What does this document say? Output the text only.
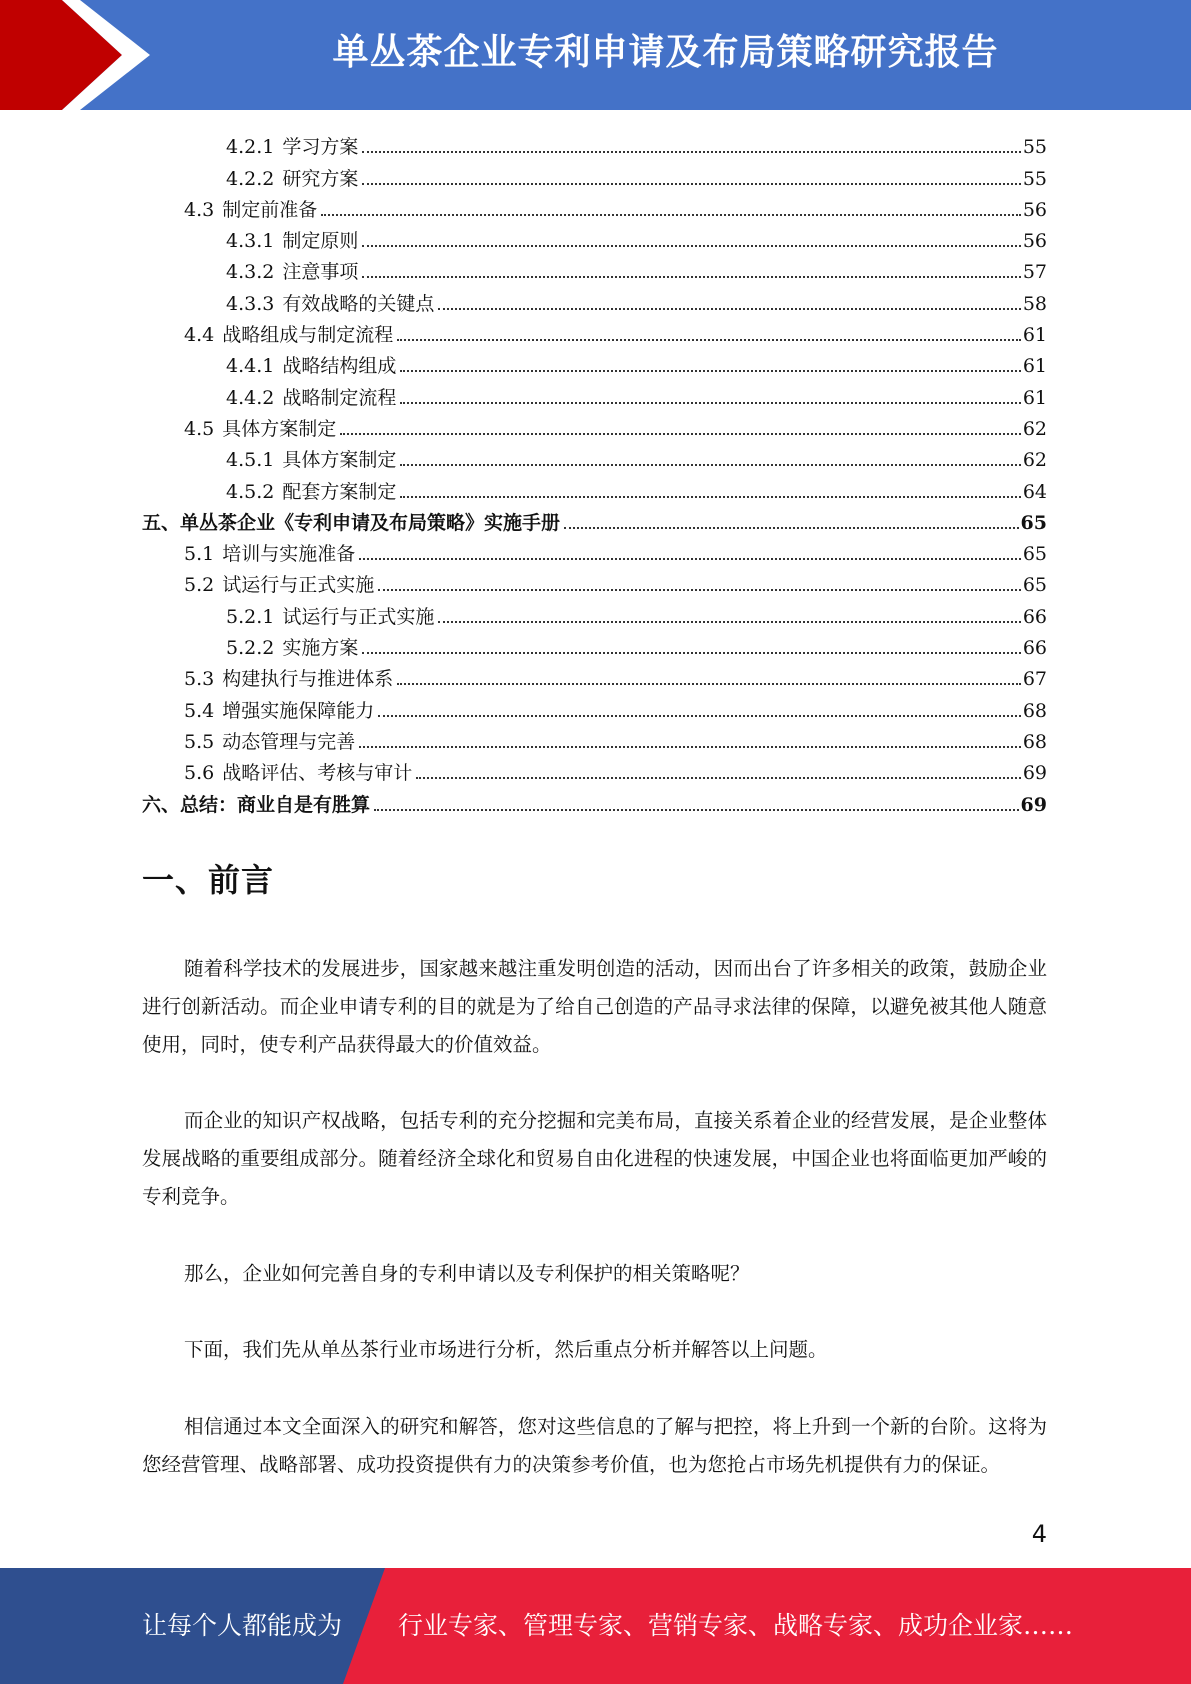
单丛茶企业专利申请及布局策略研究报告
4.2.1 学习方案	55
4.2.2 研究方案	55
4.3 制定前准备	56
4.3.1 制定原则	56
4.3.2 注意事项	57
4.3.3 有效战略的关键点	58
4.4 战略组成与制定流程	61
4.4.1 战略结构组成	61
4.4.2 战略制定流程	61
4.5 具体方案制定	62
4.5.1 具体方案制定	62
4.5.2 配套方案制定	64
五、单丛茶企业《专利申请及布局策略》实施手册	65
5.1 培训与实施准备	65
5.2 试运行与正式实施	65
5.2.1 试运行与正式实施	66
5.2.2 实施方案	66
5.3 构建执行与推进体系	67
5.4 增强实施保障能力	68
5.5 动态管理与完善	68
5.6 战略评估、考核与审计	69
六、总结：商业自是有胜算	69
一、前言

随着科学技术的发展进步，国家越来越注重发明创造的活动，因而出台了许多相关的政策，鼓励企业进行创新活动。而企业申请专利的目的就是为了给自己创造的产品寻求法律的保障，以避免被其他人随意使用，同时，使专利产品获得最大的价值效益。

而企业的知识产权战略，包括专利的充分挖掘和完美布局，直接关系着企业的经营发展，是企业整体发展战略的重要组成部分。随着经济全球化和贸易自由化进程的快速发展，中国企业也将面临更加严峻的专利竞争。

那么，企业如何完善自身的专利申请以及专利保护的相关策略呢？

下面，我们先从单丛茶行业市场进行分析，然后重点分析并解答以上问题。

相信通过本文全面深入的研究和解答，您对这些信息的了解与把控，将上升到一个新的台阶。这将为您经营管理、战略部署、成功投资提供有力的决策参考价值，也为您抢占市场先机提供有力的保证。

4
让每个人都能成为 行业专家、管理专家、营销专家、战略专家、成功企业家……
